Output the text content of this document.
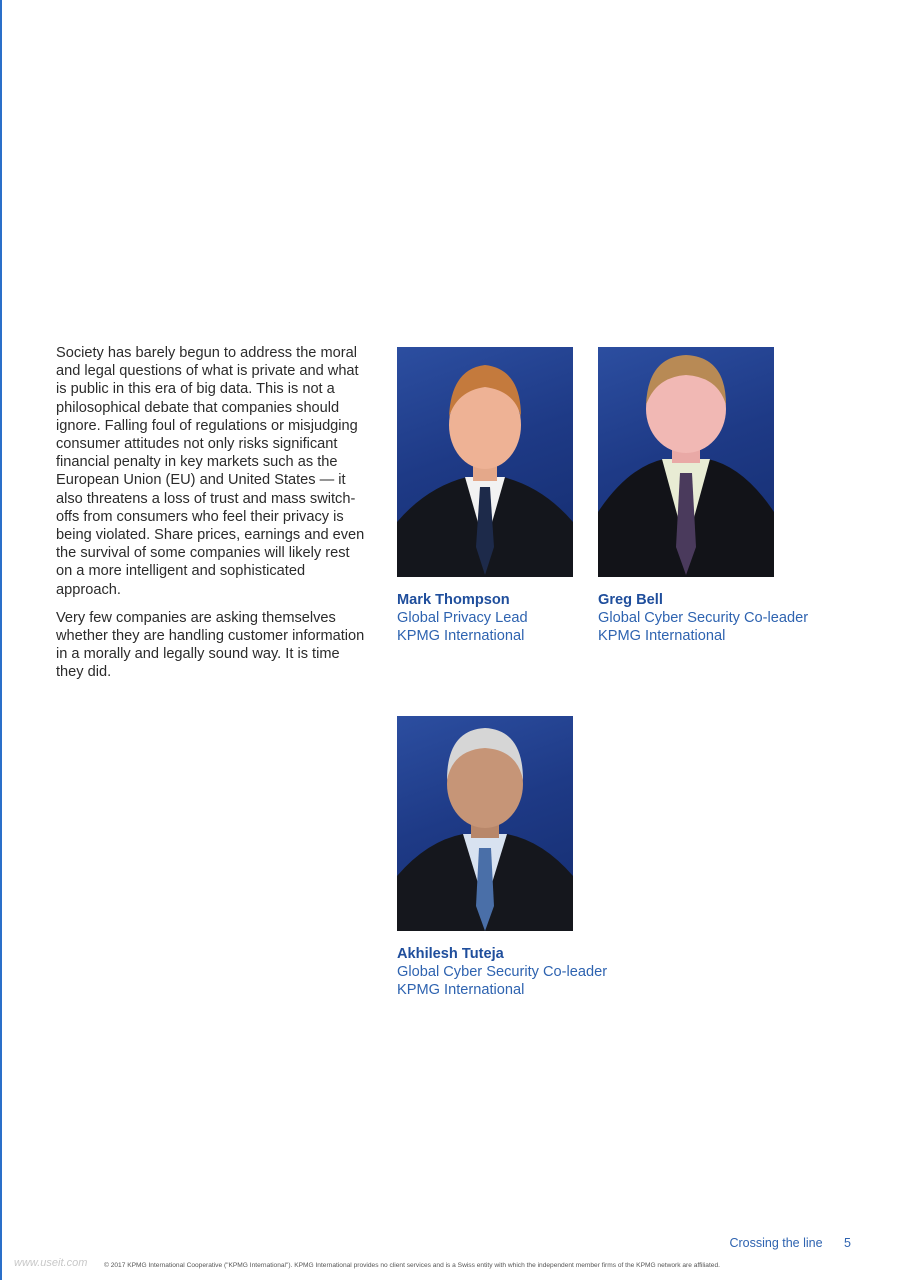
Society has barely begun to address the moral and legal questions of what is private and what is public in this era of big data. This is not a philosophical debate that companies should ignore. Falling foul of regulations or misjudging consumer attitudes not only risks significant financial penalty in key markets such as the European Union (EU) and United States — it also threatens a loss of trust and mass switch-offs from consumers who feel their privacy is being violated. Share prices, earnings and even the survival of some companies will likely rest on a more intelligent and sophisticated approach.

Very few companies are asking themselves whether they are handling customer information in a morally and legally sound way. It is time they did.

Mark Thompson
Global Privacy Lead
KPMG International
Greg Bell
Global Cyber Security Co-leader
KPMG International
Akhilesh Tuteja
Global Cyber Security Co-leader
KPMG International
Crossing the line 5
www.useit.com	© 2017 KPMG International Cooperative ("KPMG International"). KPMG International provides no client services and is a Swiss entity with which the independent member firms of the KPMG network are affiliated.
